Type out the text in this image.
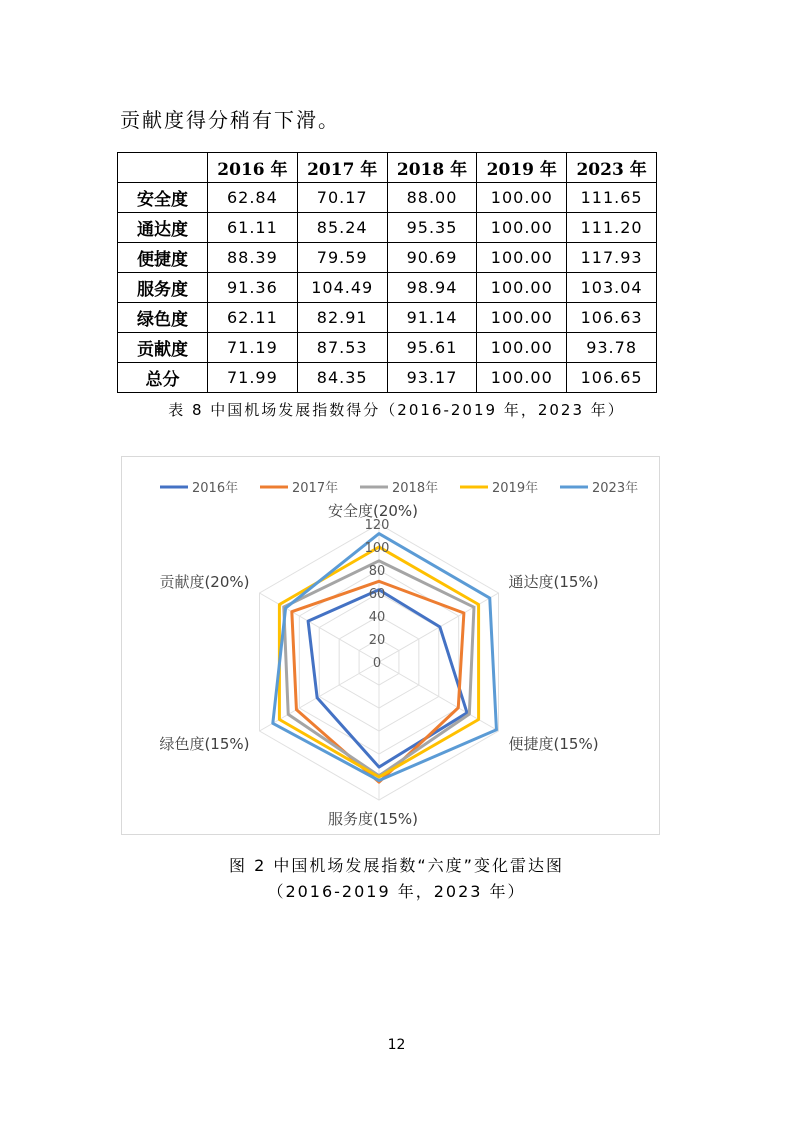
贡献度得分稍有下滑。
	2016 年	2017 年	2018 年	2019 年	2023 年
安全度	62.84	70.17	88.00	100.00	111.65
通达度	61.11	85.24	95.35	100.00	111.20
便捷度	88.39	79.59	90.69	100.00	117.93
服务度	91.36	104.49	98.94	100.00	103.04
绿色度	62.11	82.91	91.14	100.00	106.63
贡献度	71.19	87.53	95.61	100.00	93.78
总分	71.99	84.35	93.17	100.00	106.65
表 8 中国机场发展指数得分（2016-2019 年，2023 年）
0
20
40
60
80
100
120
安全度(20%)
通达度(15%)
便捷度(15%)
服务度(15%)
绿色度(15%)
贡献度(20%)
2016年	2017年	2018年	2019年	2023年
图 2 中国机场发展指数“六度”变化雷达图
（2016-2019 年，2023 年）
12
